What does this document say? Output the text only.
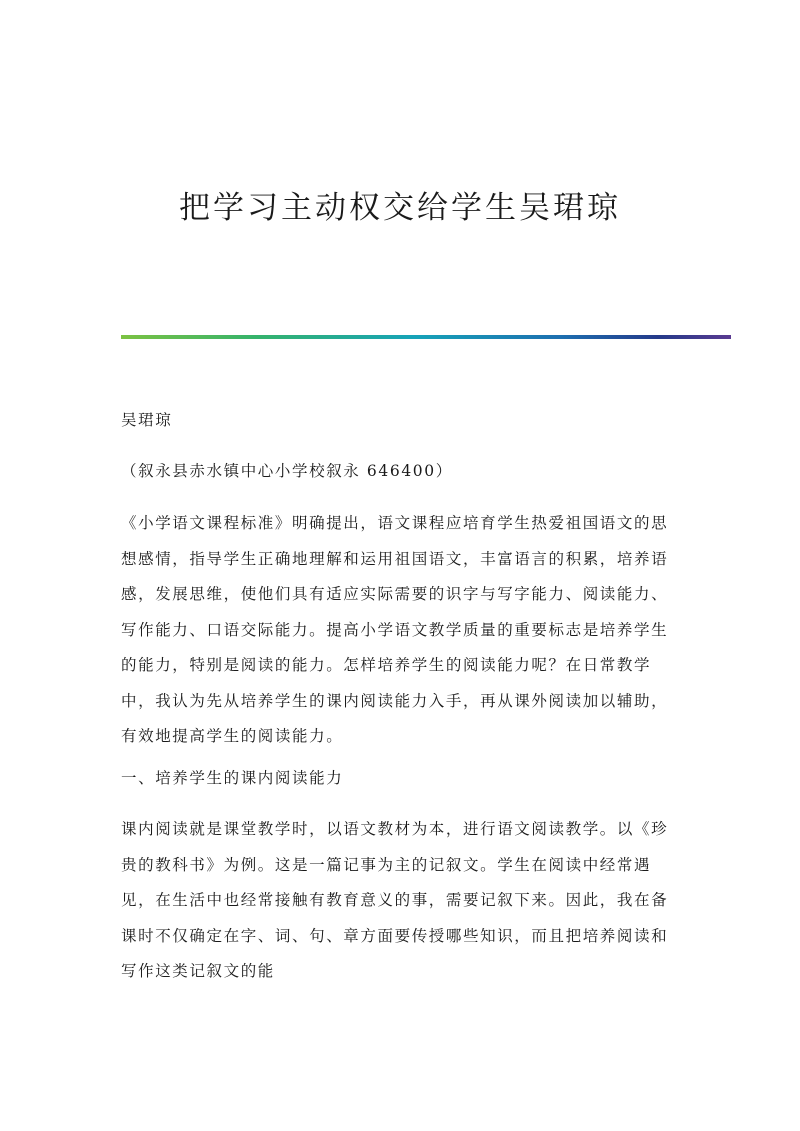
把学习主动权交给学生吴珺琼

吴珺琼

（叙永县赤水镇中心小学校叙永 646400）

《小学语文课程标准》明确提出，语文课程应培育学生热爱祖国语文的思想感情，指导学生正确地理解和运用祖国语文，丰富语言的积累，培养语感，发展思维，使他们具有适应实际需要的识字与写字能力、阅读能力、写作能力、口语交际能力。提高小学语文教学质量的重要标志是培养学生的能力，特别是阅读的能力。怎样培养学生的阅读能力呢？在日常教学中，我认为先从培养学生的课内阅读能力入手，再从课外阅读加以辅助，有效地提高学生的阅读能力。

一、培养学生的课内阅读能力

课内阅读就是课堂教学时，以语文教材为本，进行语文阅读教学。以《珍贵的教科书》为例。这是一篇记事为主的记叙文。学生在阅读中经常遇见，在生活中也经常接触有教育意义的事，需要记叙下来。因此，我在备课时不仅确定在字、词、句、章方面要传授哪些知识，而且把培养阅读和写作这类记叙文的能
